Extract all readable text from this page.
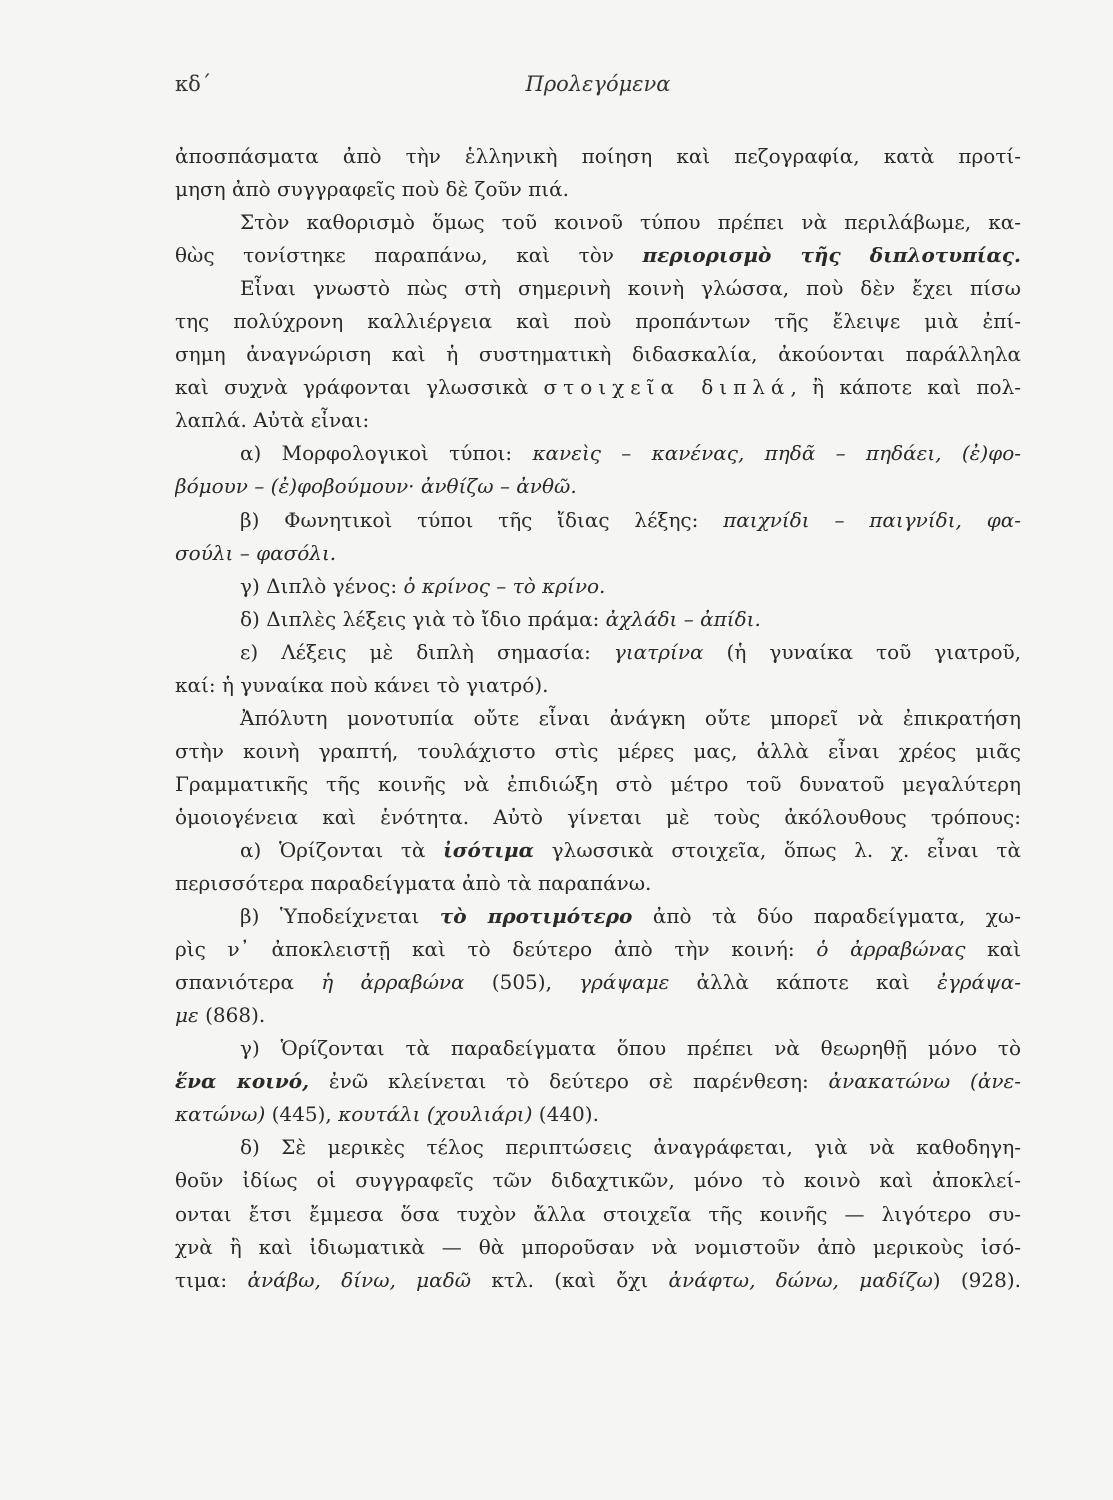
κδ΄	Προλεγόμενα
ἀποσπάσματα ἀπὸ τὴν ἑλληνικὴ ποίηση καὶ πεζογραφία, κατὰ προτί-
μηση ἀπὸ συγγραφεῖς ποὺ δὲ ζοῦν πιά.
Στὸν καθορισμὸ ὅμως τοῦ κοινοῦ τύπου πρέπει νὰ περιλάβωμε, κα-
θὼς τονίστηκε παραπάνω, καὶ τὸν περιορισμὸ τῆς διπλοτυπίας.
Εἶναι γνωστὸ πὼς στὴ σημερινὴ κοινὴ γλώσσα, ποὺ δὲν ἔχει πίσω
της πολύχρονη καλλιέργεια καὶ ποὺ προπάντων τῆς ἔλειψε μιὰ ἐπί-
σημη ἀναγνώριση καὶ ἡ συστηματικὴ διδασκαλία, ἀκούονται παράλληλα
καὶ συχνὰ γράφονται γλωσσικὰ στοιχεῖα διπλά, ἢ κάποτε καὶ πολ-
λαπλά. Αὐτὰ εἶναι:
α) Μορφολογικοὶ τύποι: κανεὶς – κανένας, πηδᾶ – πηδάει, (ἐ)φο-
βόμουν – (ἐ)φοβούμουν· ἀνθίζω – ἀνθῶ.
β) Φωνητικοὶ τύποι τῆς ἴδιας λέξης: παιχνίδι – παιγνίδι, φα-
σούλι – φασόλι.
γ) Διπλὸ γένος: ὁ κρίνος – τὸ κρίνο.
δ) Διπλὲς λέξεις γιὰ τὸ ἴδιο πράμα: ἀχλάδι – ἀπίδι.
ε) Λέξεις μὲ διπλὴ σημασία: γιατρίνα (ἡ γυναίκα τοῦ γιατροῦ,
καί: ἡ γυναίκα ποὺ κάνει τὸ γιατρό).
Ἀπόλυτη μονοτυπία οὔτε εἶναι ἀνάγκη οὔτε μπορεῖ νὰ ἐπικρατήση
στὴν κοινὴ γραπτή, τουλάχιστο στὶς μέρες μας, ἀλλὰ εἶναι χρέος μιᾶς
Γραμματικῆς τῆς κοινῆς νὰ ἐπιδιώξη στὸ μέτρο τοῦ δυνατοῦ μεγαλύτερη
ὁμοιογένεια καὶ ἑνότητα. Αὐτὸ γίνεται μὲ τοὺς ἀκόλουθους τρόπους:
α) Ὁρίζονται τὰ ἰσότιμα γλωσσικὰ στοιχεῖα, ὅπως λ. χ. εἶναι τὰ
περισσότερα παραδείγματα ἀπὸ τὰ παραπάνω.
β) Ὑποδείχνεται τὸ προτιμότερο ἀπὸ τὰ δύο παραδείγματα, χω-
ρὶς ν᾿ ἀποκλειστῇ καὶ τὸ δεύτερο ἀπὸ τὴν κοινή: ὁ ἀρραβώνας καὶ
σπανιότερα ἡ ἀρραβώνα (505), γράψαμε ἀλλὰ κάποτε καὶ ἐγράψα-
με (868).
γ) Ὁρίζονται τὰ παραδείγματα ὅπου πρέπει νὰ θεωρηθῇ μόνο τὸ
ἕνα κοινό, ἐνῶ κλείνεται τὸ δεύτερο σὲ παρένθεση: ἀνακατώνω (ἀνε-
κατώνω) (445), κουτάλι (χουλιάρι) (440).
δ) Σὲ μερικὲς τέλος περιπτώσεις ἀναγράφεται, γιὰ νὰ καθοδηγη-
θοῦν ἰδίως οἱ συγγραφεῖς τῶν διδαχτικῶν, μόνο τὸ κοινὸ καὶ ἀποκλεί-
ονται ἔτσι ἔμμεσα ὅσα τυχὸν ἄλλα στοιχεῖα τῆς κοινῆς — λιγότερο συ-
χνὰ ἢ καὶ ἰδιωματικὰ — θὰ μποροῦσαν νὰ νομιστοῦν ἀπὸ μερικοὺς ἰσό-
τιμα: ἀνάβω, δίνω, μαδῶ κτλ. (καὶ ὄχι ἀνάφτω, δώνω, μαδίζω) (928).
